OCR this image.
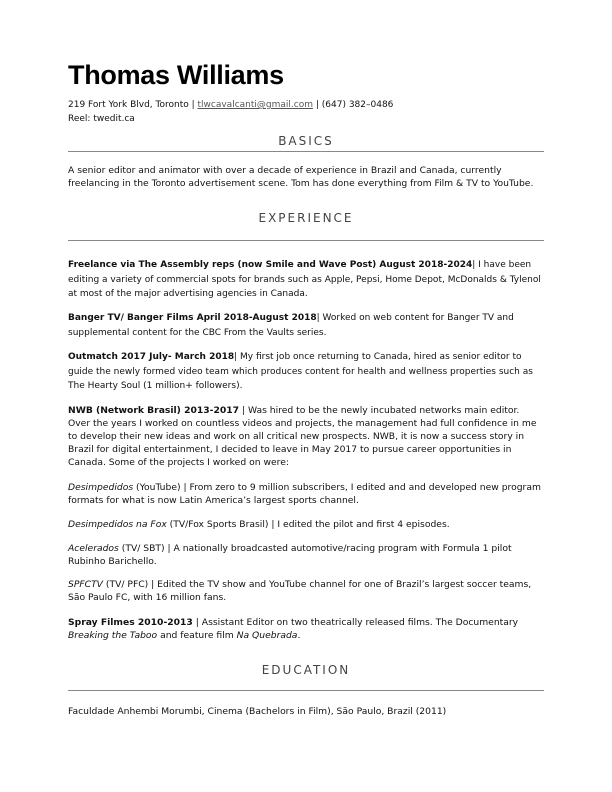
Thomas Williams
219 Fort York Blvd, Toronto | tlwcavalcanti@gmail.com | (647) 382–0486
Reel: twedit.ca
BASICS
A senior editor and animator with over a decade of experience in Brazil and Canada, currently freelancing in the Toronto advertisement scene. Tom has done everything from Film & TV to YouTube.
EXPERIENCE
Freelance via The Assembly reps (now Smile and Wave Post) August 2018-2024| I have been editing a variety of commercial spots for brands such as Apple, Pepsi, Home Depot, McDonalds & Tylenol at most of the major advertising agencies in Canada.
Banger TV/ Banger Films April 2018-August 2018| Worked on web content for Banger TV and supplemental content for the CBC From the Vaults series.
Outmatch 2017 July- March 2018| My first job once returning to Canada, hired as senior editor to guide the newly formed video team which produces content for health and wellness properties such as The Hearty Soul (1 million+ followers).
NWB (Network Brasil) 2013-2017 | Was hired to be the newly incubated networks main editor. Over the years I worked on countless videos and projects, the management had full confidence in me to develop their new ideas and work on all critical new prospects. NWB, it is now a success story in Brazil for digital entertainment, I decided to leave in May 2017 to pursue career opportunities in Canada. Some of the projects I worked on were:
Desimpedidos (YouTube) | From zero to 9 million subscribers, I edited and and developed new program formats for what is now Latin America’s largest sports channel.
Desimpedidos na Fox (TV/Fox Sports Brasil) | I edited the pilot and first 4 episodes.
Acelerados (TV/ SBT) | A nationally broadcasted automotive/racing program with Formula 1 pilot Rubinho Barichello.
SPFCTV (TV/ PFC) | Edited the TV show and YouTube channel for one of Brazil’s largest soccer teams, São Paulo FC, with 16 million fans.
Spray Filmes 2010-2013 | Assistant Editor on two theatrically released films. The Documentary Breaking the Taboo and feature film Na Quebrada.
EDUCATION
Faculdade Anhembi Morumbi, Cinema (Bachelors in Film), São Paulo, Brazil (2011)
